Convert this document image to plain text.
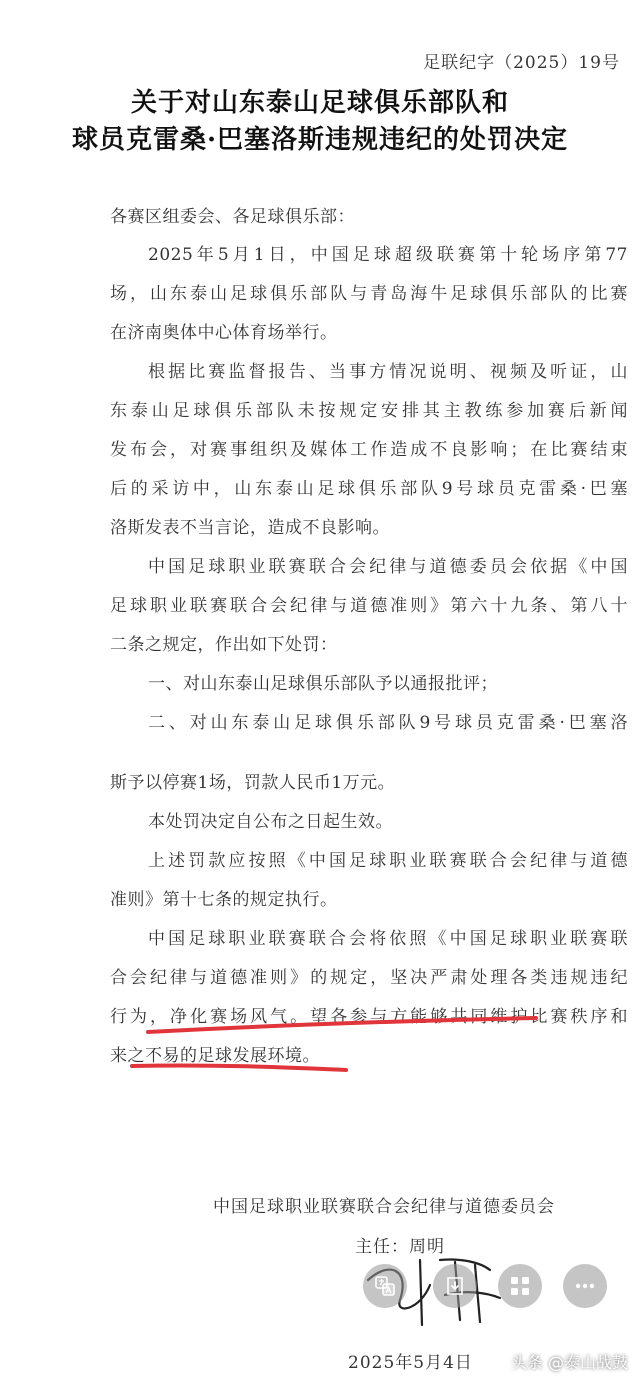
足联纪字（2025）19号
关于对山东泰山足球俱乐部队和
球员克雷桑·巴塞洛斯违规违纪的处罚决定
各赛区组委会、各足球俱乐部：
2025年5月1日，中国足球超级联赛第十轮场序第77
场，山东泰山足球俱乐部队与青岛海牛足球俱乐部队的比赛
在济南奥体中心体育场举行。
根据比赛监督报告、当事方情况说明、视频及听证，山
东泰山足球俱乐部队未按规定安排其主教练参加赛后新闻
发布会，对赛事组织及媒体工作造成不良影响；在比赛结束
后的采访中，山东泰山足球俱乐部队9号球员克雷桑·巴塞
洛斯发表不当言论，造成不良影响。
中国足球职业联赛联合会纪律与道德委员会依据《中国
足球职业联赛联合会纪律与道德准则》第六十九条、第八十
二条之规定，作出如下处罚：
一、对山东泰山足球俱乐部队予以通报批评；
二、对山东泰山足球俱乐部队9号球员克雷桑·巴塞洛
斯予以停赛1场，罚款人民币1万元。
本处罚决定自公布之日起生效。
上述罚款应按照《中国足球职业联赛联合会纪律与道德
准则》第十七条的规定执行。
中国足球职业联赛联合会将依照《中国足球职业联赛联
合会纪律与道德准则》的规定，坚决严肃处理各类违规违纪
行为，净化赛场风气。望各参与方能够共同维护比赛秩序和
来之不易的足球发展环境。
中国足球职业联赛联合会纪律与道德委员会
主任：周明
2025年5月4日 头条 @泰山战鼓
